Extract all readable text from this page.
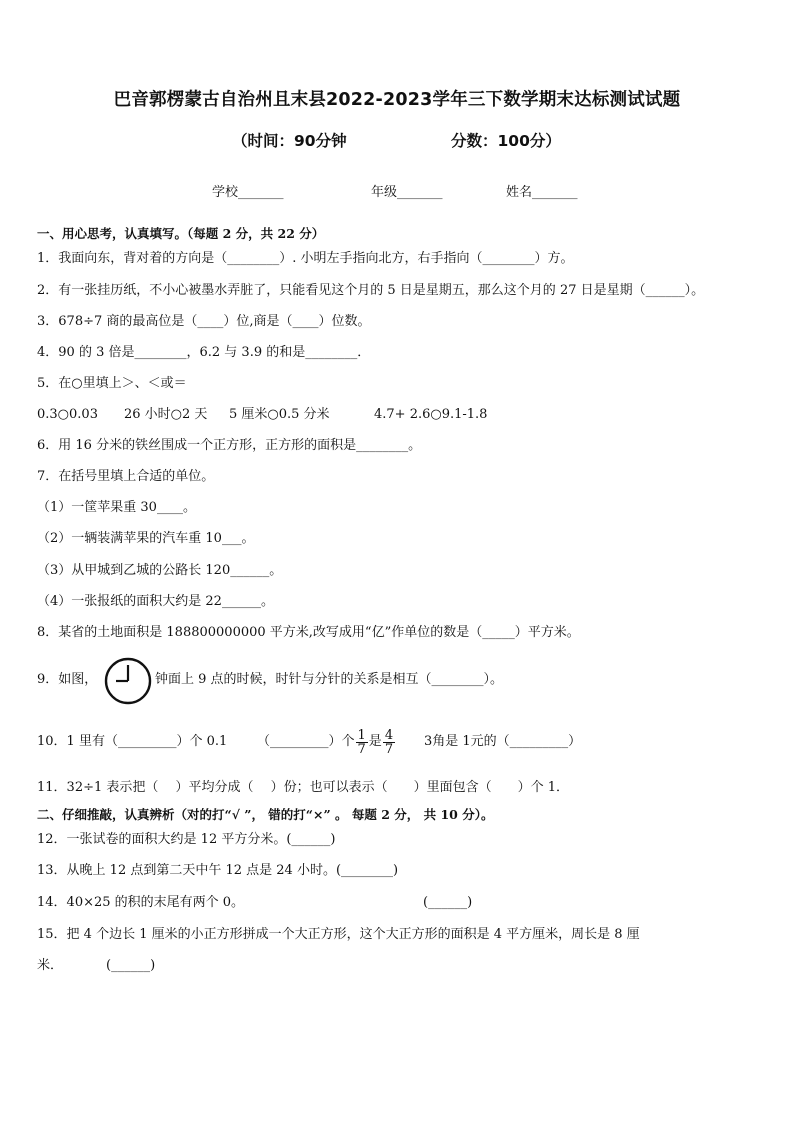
巴音郭楞蒙古自治州且末县2022-2023学年三下数学期末达标测试试题
（时间：90分钟	分数：100分）
学校_______	年级_______	姓名_______
一、用心思考，认真填写。（每题 2 分，共 22 分）
1．我面向东，背对着的方向是（________）. 小明左手指向北方，右手指向（________）方。
2．有一张挂历纸，不小心被墨水弄脏了，只能看见这个月的 5 日是星期五，那么这个月的 27 日是星期（______）。
3．678÷7 商的最高位是（____）位,商是（____）位数。
4．90 的 3 倍是________，6.2 与 3.9 的和是________．
5．在○里填上＞、＜或＝
0.3○0.03 26 小时○2 天 5 厘米○0.5 分米	4.7+ 2.6○9.1-1.8
6．用 16 分米的铁丝围成一个正方形，正方形的面积是________。
7．在括号里填上合适的单位。
（1）一筐苹果重 30____。
（2）一辆装满苹果的汽车重 10___。
（3）从甲城到乙城的公路长 120______。
（4）一张报纸的面积大约是 22______。
8．某省的土地面积是 188800000000 平方米,改写成用“亿”作单位的数是（_____）平方米。
9．如图，	钟面上 9 点的时候，时针与分针的关系是相互（________）。
10．1 里有（_________）个 0.1 （_________）个 $\frac{1}{7}$ 是 $\frac{4}{7} 3$角是 1元的（_________）
11．32÷1 表示把（　 ）平均分成（　 ）份；也可以表示（　　）里面包含（　　）个 1．
二、仔细推敲，认真辨析（对的打“√ ”， 错的打“×” 。 每题 2 分， 共 10 分）。
12．一张试卷的面积大约是 12 平方分米。(______)
13．从晚上 12 点到第二天中午 12 点是 24 小时。(________)
14．40×25 的积的末尾有两个 0。	(______)
15．把 4 个边长 1 厘米的小正方形拼成一个大正方形，这个大正方形的面积是 4 平方厘米，周长是 8 厘
米．	(______)
